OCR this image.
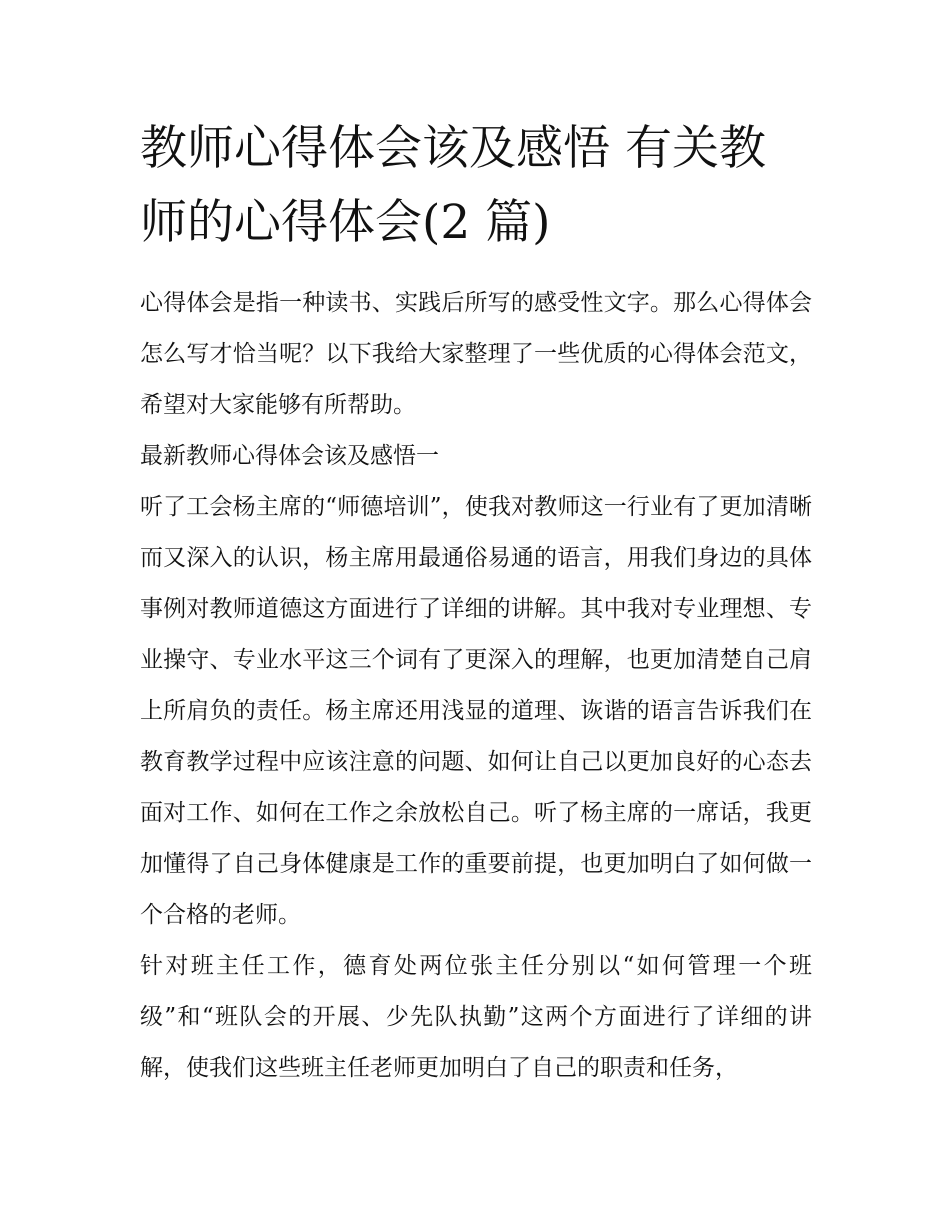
教师心得体会该及感悟 有关教师的心得体会(2 篇)

心得体会是指一种读书、实践后所写的感受性文字。那么心得体会怎么写才恰当呢？以下我给大家整理了一些优质的心得体会范文，希望对大家能够有所帮助。

最新教师心得体会该及感悟一

听了工会杨主席的“师德培训”，使我对教师这一行业有了更加清晰而又深入的认识，杨主席用最通俗易通的语言，用我们身边的具体事例对教师道德这方面进行了详细的讲解。其中我对专业理想、专业操守、专业水平这三个词有了更深入的理解，也更加清楚自己肩上所肩负的责任。杨主席还用浅显的道理、诙谐的语言告诉我们在教育教学过程中应该注意的问题、如何让自己以更加良好的心态去面对工作、如何在工作之余放松自己。听了杨主席的一席话，我更加懂得了自己身体健康是工作的重要前提，也更加明白了如何做一个合格的老师。

针对班主任工作，德育处两位张主任分别以“如何管理一个班级”和“班队会的开展、少先队执勤”这两个方面进行了详细的讲解，使我们这些班主任老师更加明白了自己的职责和任务，
